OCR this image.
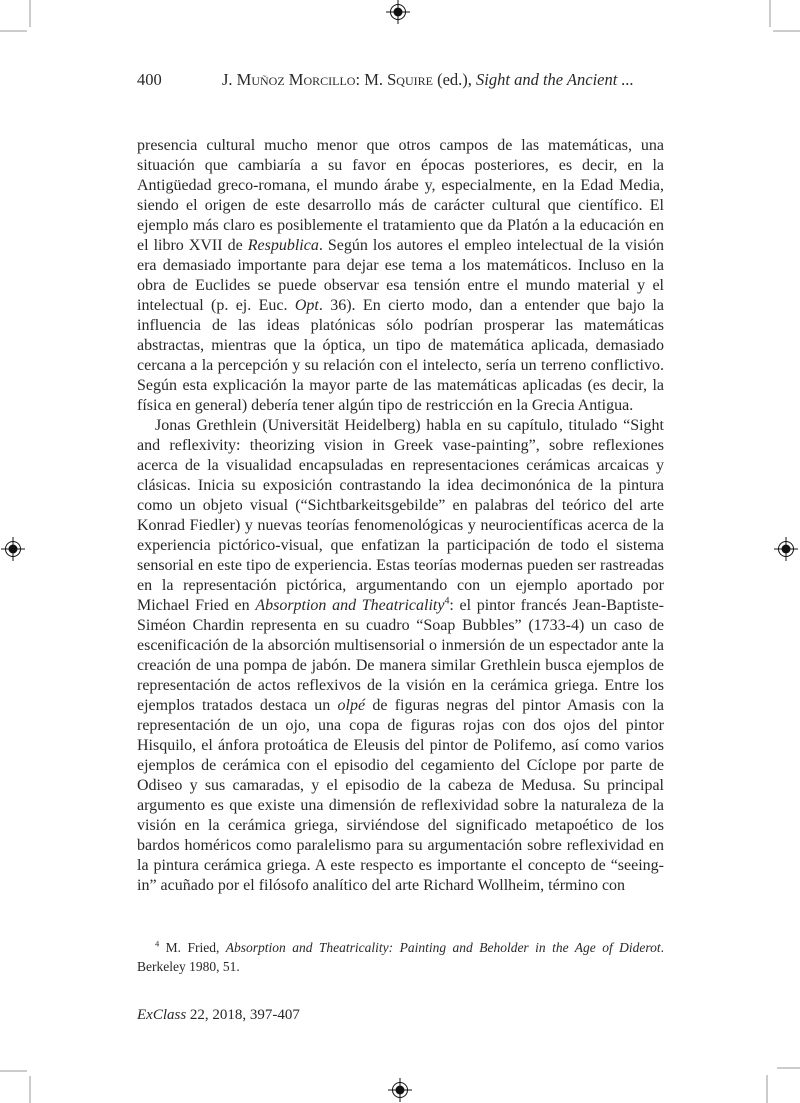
400	J. Muñoz Morcillo: M. Squire (ed.), Sight and the Ancient ...

presencia cultural mucho menor que otros campos de las matemáticas, una situación que cambiaría a su favor en épocas posteriores, es decir, en la Antigüedad greco-romana, el mundo árabe y, especialmente, en la Edad Media, siendo el origen de este desarrollo más de carácter cultural que científico. El ejemplo más claro es posiblemente el tratamiento que da Platón a la educación en el libro XVII de Respublica. Según los autores el empleo intelectual de la visión era demasiado importante para dejar ese tema a los matemáticos. Incluso en la obra de Euclides se puede observar esa tensión entre el mundo material y el intelectual (p. ej. Euc. Opt. 36). En cierto modo, dan a entender que bajo la influencia de las ideas platónicas sólo podrían prosperar las matemáticas abstractas, mientras que la óptica, un tipo de matemática aplicada, demasiado cercana a la percepción y su relación con el intelecto, sería un terreno conflictivo. Según esta explicación la mayor parte de las matemáticas aplicadas (es decir, la física en general) debería tener algún tipo de restricción en la Grecia Antigua.

Jonas Grethlein (Universität Heidelberg) habla en su capítulo, titulado “Sight and reflexivity: theorizing vision in Greek vase-painting”, sobre reflexiones acerca de la visualidad encapsuladas en representaciones cerámicas arcaicas y clásicas. Inicia su exposición contrastando la idea decimonónica de la pintura como un objeto visual (“Sichtbarkeitsgebilde” en palabras del teórico del arte Konrad Fiedler) y nuevas teorías fenomenológicas y neurocientíficas acerca de la experiencia pictórico-visual, que enfatizan la participación de todo el sistema sensorial en este tipo de experiencia. Estas teorías modernas pueden ser rastreadas en la representación pictórica, argumentando con un ejemplo aportado por Michael Fried en Absorption and Theatricality$^4$: el pintor francés Jean-Baptiste-Siméon Chardin representa en su cuadro “Soap Bubbles” (1733-4) un caso de escenificación de la absorción multisensorial o inmersión de un espectador ante la creación de una pompa de jabón. De manera similar Grethlein busca ejemplos de representación de actos reflexivos de la visión en la cerámica griega. Entre los ejemplos tratados destaca un olpé de figuras negras del pintor Amasis con la representación de un ojo, una copa de figuras rojas con dos ojos del pintor Hisquilo, el ánfora protoática de Eleusis del pintor de Polifemo, así como varios ejemplos de cerámica con el episodio del cegamiento del Cíclope por parte de Odiseo y sus camaradas, y el episodio de la cabeza de Medusa. Su principal argumento es que existe una dimensión de reflexividad sobre la naturaleza de la visión en la cerámica griega, sirviéndose del significado metapoético de los bardos homéricos como paralelismo para su argumentación sobre reflexividad en la pintura cerámica griega. A este respecto es importante el concepto de “seeing-in” acuñado por el filósofo analítico del arte Richard Wollheim, término con

$^4$ M. Fried, Absorption and Theatricality: Painting and Beholder in the Age of Diderot. Berkeley 1980, 51.
ExClass 22, 2018, 397-407
